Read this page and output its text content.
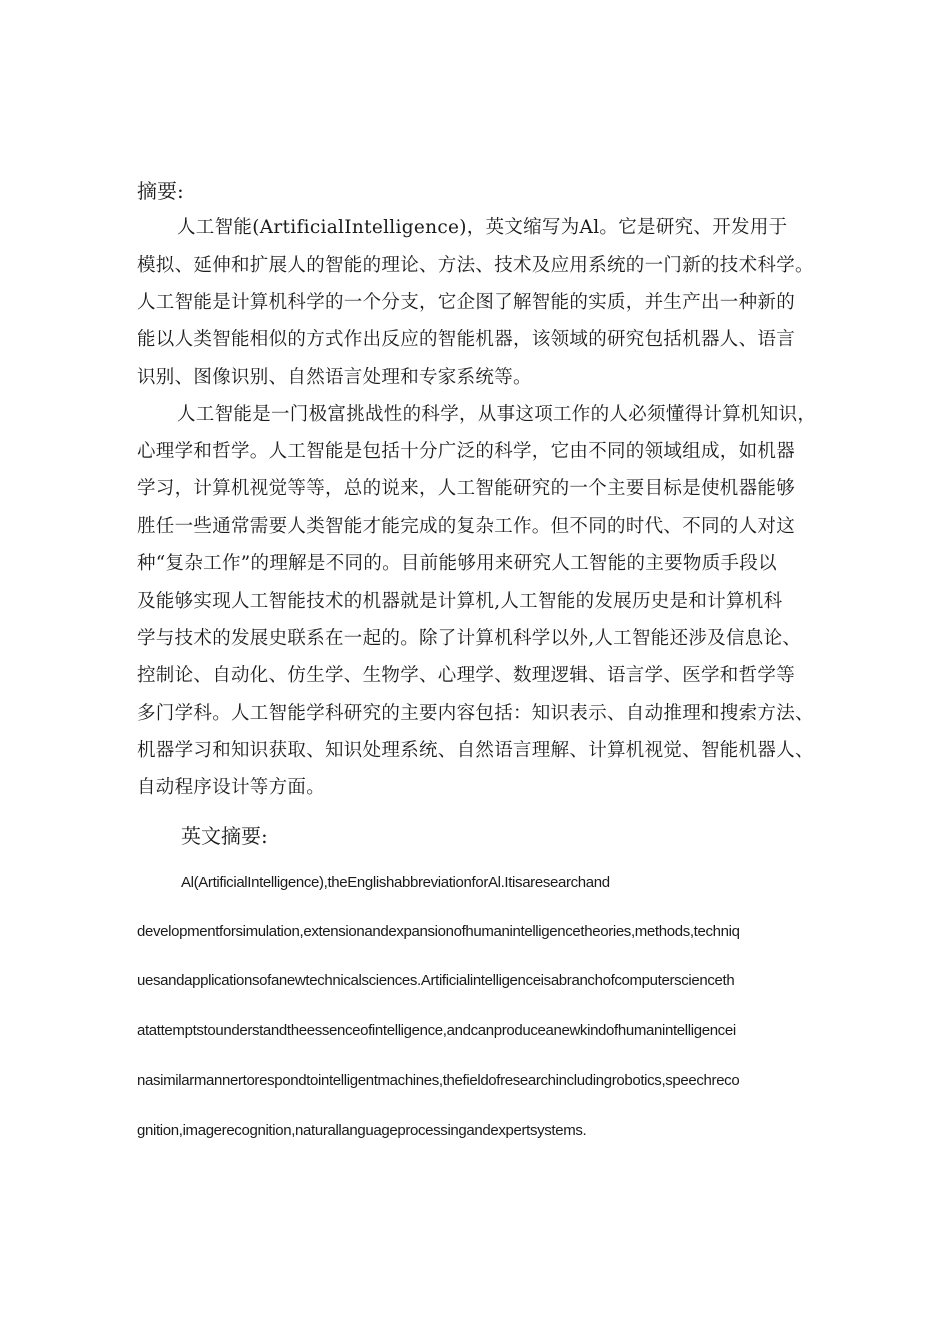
摘要:
人工智能(ArtificialIntelligence)，英文缩写为Al。它是研究、开发用于
模拟、延伸和扩展人的智能的理论、方法、技术及应用系统的一门新的技术科学。
人工智能是计算机科学的一个分支，它企图了解智能的实质，并生产出一种新的
能以人类智能相似的方式作出反应的智能机器，该领域的研究包括机器人、语言
识别、图像识别、自然语言处理和专家系统等。
人工智能是一门极富挑战性的科学，从事这项工作的人必须懂得计算机知识，
心理学和哲学。人工智能是包括十分广泛的科学，它由不同的领域组成，如机器
学习，计算机视觉等等，总的说来，人工智能研究的一个主要目标是使机器能够
胜任一些通常需要人类智能才能完成的复杂工作。但不同的时代、不同的人对这
种“复杂工作”的理解是不同的。目前能够用来研究人工智能的主要物质手段以
及能够实现人工智能技术的机器就是计算机,人工智能的发展历史是和计算机科
学与技术的发展史联系在一起的。除了计算机科学以外,人工智能还涉及信息论、
控制论、自动化、仿生学、生物学、心理学、数理逻辑、语言学、医学和哲学等
多门学科。人工智能学科研究的主要内容包括：知识表示、自动推理和搜索方法、
机器学习和知识获取、知识处理系统、自然语言理解、计算机视觉、智能机器人、
自动程序设计等方面。
英文摘要:
Al(ArtificialIntelligence),theEnglishabbreviationforAl.Itisaresearchand
developmentforsimulation,extensionandexpansionofhumanintelligencetheories,methods,techniq
uesandapplicationsofanewtechnicalsciences.Artificialintelligenceisabranchofcomputerscienceth
atattemptstounderstandtheessenceofintelligence,andcanproduceanewkindofhumanintelligencei
nasimilarmannertorespondtointelligentmachines,thefieldofresearchincludingrobotics,speechreco
gnition,imagerecognition,naturallanguageprocessingandexpertsystems.
